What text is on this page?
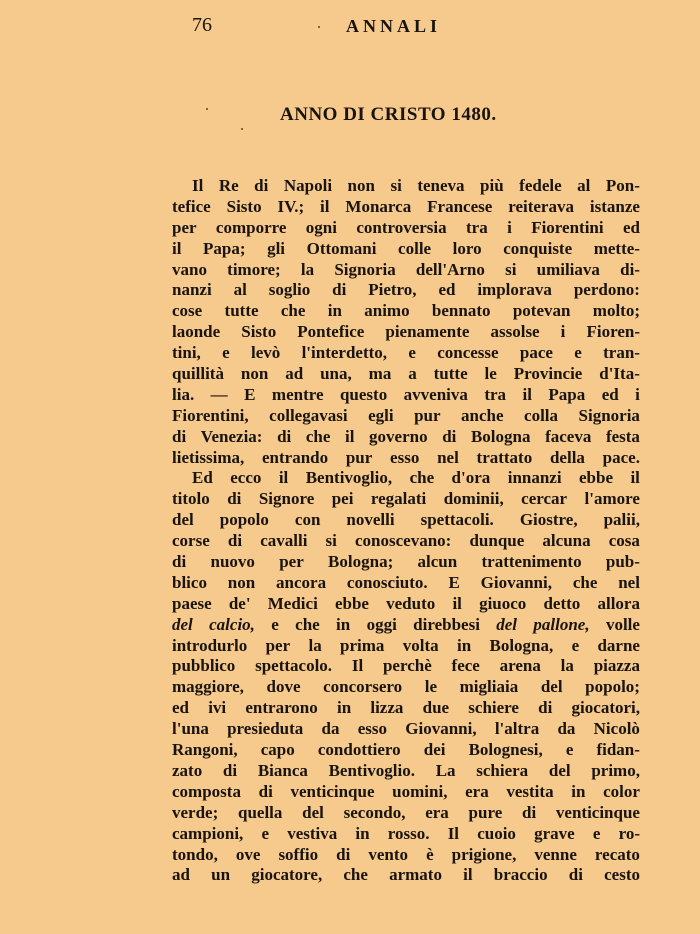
76	ANNALI
ANNO DI CRISTO 1480.
Il Re di Napoli non si teneva più fedele al Pon-
tefice Sisto IV.; il Monarca Francese reiterava istanze
per comporre ogni controversia tra i Fiorentini ed
il Papa; gli Ottomani colle loro conquiste mette-
vano timore; la Signoria dell'Arno si umiliava di-
nanzi al soglio di Pietro, ed implorava perdono:
cose tutte che in animo bennato potevan molto;
laonde Sisto Pontefice pienamente assolse i Fioren-
tini, e levò l'interdetto, e concesse pace e tran-
quillità non ad una, ma a tutte le Provincie d'Ita-
lia. — E mentre questo avveniva tra il Papa ed i
Fiorentini, collegavasi egli pur anche colla Signoria
di Venezia: di che il governo di Bologna faceva festa
lietissima, entrando pur esso nel trattato della pace.
Ed ecco il Bentivoglio, che d'ora innanzi ebbe il
titolo di Signore pei regalati dominii, cercar l'amore
del popolo con novelli spettacoli. Giostre, palii,
corse di cavalli si conoscevano: dunque alcuna cosa
di nuovo per Bologna; alcun trattenimento pub-
blico non ancora conosciuto. E Giovanni, che nel
paese de' Medici ebbe veduto il giuoco detto allora
del calcio, e che in oggi direbbesi del pallone, volle
introdurlo per la prima volta in Bologna, e darne
pubblico spettacolo. Il perchè fece arena la piazza
maggiore, dove concorsero le migliaia del popolo;
ed ivi entrarono in lizza due schiere di giocatori,
l'una presieduta da esso Giovanni, l'altra da Nicolò
Rangoni, capo condottiero dei Bolognesi, e fidan-
zato di Bianca Bentivoglio. La schiera del primo,
composta di venticinque uomini, era vestita in color
verde; quella del secondo, era pure di venticinque
campioni, e vestiva in rosso. Il cuoio grave e ro-
tondo, ove soffio di vento è prigione, venne recato
ad un giocatore, che armato il braccio di cesto
